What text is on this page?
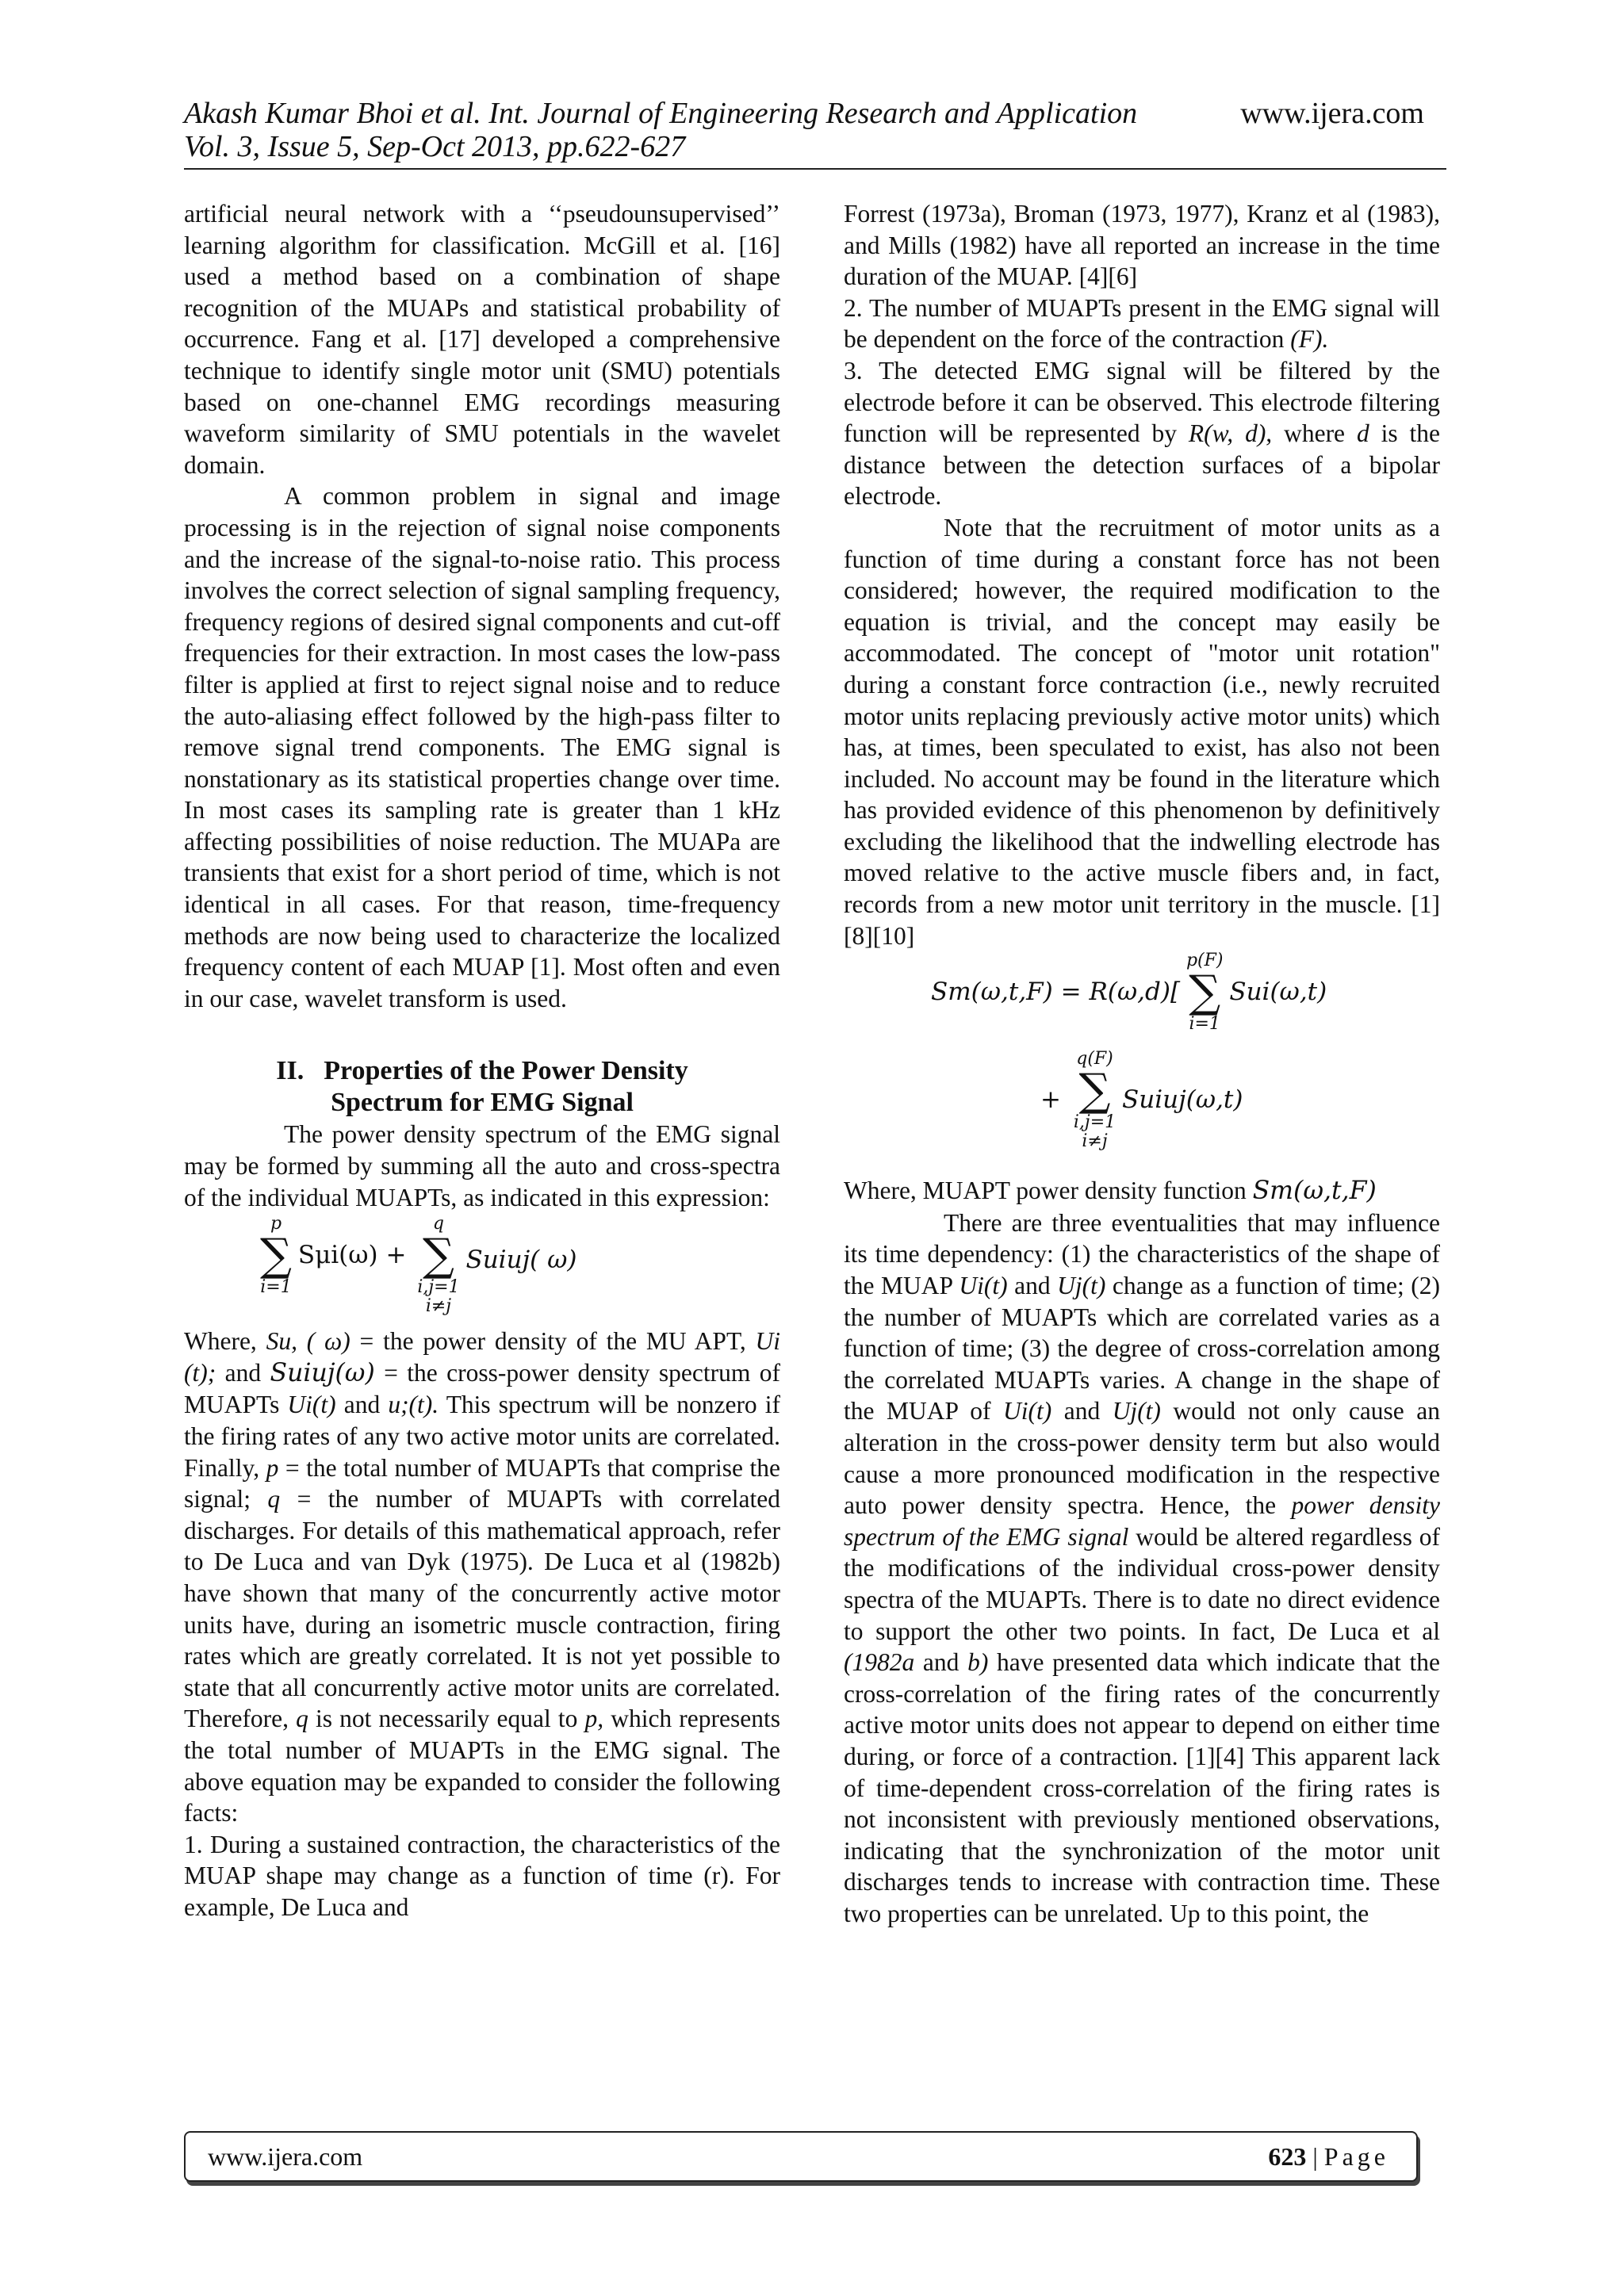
Akash Kumar Bhoi et al. Int. Journal of Engineering Research and Application
Vol. 3, Issue 5, Sep-Oct 2013, pp.622-627
www.ijera.com

artificial neural network with a ‘‘pseudounsupervised’’ learning algorithm for classification. McGill et al. [16] used a method based on a combination of shape recognition of the MUAPs and statistical probability of occurrence. Fang et al. [17] developed a comprehensive technique to identify single motor unit (SMU) potentials based on one-channel EMG recordings measuring waveform similarity of SMU potentials in the wavelet domain.

A common problem in signal and image processing is in the rejection of signal noise components and the increase of the signal-to-noise ratio. This process involves the correct selection of signal sampling frequency, frequency regions of desired signal components and cut-off frequencies for their extraction. In most cases the low-pass filter is applied at first to reject signal noise and to reduce the auto-aliasing effect followed by the high-pass filter to remove signal trend components. The EMG signal is nonstationary as its statistical properties change over time. In most cases its sampling rate is greater than 1 kHz affecting possibilities of noise reduction. The MUAPa are transients that exist for a short period of time, which is not identical in all cases. For that reason, time-frequency methods are now being used to characterize the localized frequency content of each MUAP [1]. Most often and even in our case, wavelet transform is used.

II. Properties of the Power Density
Spectrum for EMG Signal

The power density spectrum of the EMG signal may be formed by summing all the auto and cross-spectra of the individual MUAPTs, as indicated in this expression:

p
∑
i=1
Sμi(ω) +
q
∑
i,j=1
i≠j
Suiuj( ω)

Where, Su, ( ω) = the power density of the MU APT, Ui (t); and Suiuj(ω) = the cross-power density spectrum of MUAPTs Ui(t) and u;(t). This spectrum will be nonzero if the firing rates of any two active motor units are correlated. Finally, p = the total number of MUAPTs that comprise the signal; q = the number of MUAPTs with correlated discharges. For details of this mathematical approach, refer to De Luca and van Dyk (1975). De Luca et al (1982b) have shown that many of the concurrently active motor units have, during an isometric muscle contraction, firing rates which are greatly correlated. It is not yet possible to state that all concurrently active motor units are correlated. Therefore, q is not necessarily equal to p, which represents the total number of MUAPTs in the EMG signal. The above equation may be expanded to consider the following facts:

1. During a sustained contraction, the characteristics of the MUAP shape may change as a function of time (r). For example, De Luca and

Forrest (1973a), Broman (1973, 1977), Kranz et al (1983), and Mills (1982) have all reported an increase in the time duration of the MUAP. [4][6]

2. The number of MUAPTs present in the EMG signal will be dependent on the force of the contraction (F).

3. The detected EMG signal will be filtered by the electrode before it can be observed. This electrode filtering function will be represented by R(w, d), where d is the distance between the detection surfaces of a bipolar electrode.

Note that the recruitment of motor units as a function of time during a constant force has not been considered; however, the required modification to the equation is trivial, and the concept may easily be accommodated. The concept of "motor unit rotation" during a constant force contraction (i.e., newly recruited motor units replacing previously active motor units) which has, at times, been speculated to exist, has also not been included. No account may be found in the literature which has provided evidence of this phenomenon by definitively excluding the likelihood that the indwelling electrode has moved relative to the active muscle fibers and, in fact, records from a new motor unit territory in the muscle. [1][8][10]

Sm(ω,t,F) = R(ω,d)[
p(F)
∑
i=1
Sui(ω,t)
+
q(F)
∑
i,j=1
i≠j
Suiuj(ω,t)

Where, MUAPT power density function Sm(ω,t,F)

There are three eventualities that may influence its time dependency: (1) the characteristics of the shape of the MUAP Ui(t) and Uj(t) change as a function of time; (2) the number of MUAPTs which are correlated varies as a function of time; (3) the degree of cross-correlation among the correlated MUAPTs varies. A change in the shape of the MUAP of Ui(t) and Uj(t) would not only cause an alteration in the cross-power density term but also would cause a more pronounced modification in the respective auto power density spectra. Hence, the power density spectrum of the EMG signal would be altered regardless of the modifications of the individual cross-power density spectra of the MUAPTs. There is to date no direct evidence to support the other two points. In fact, De Luca et al (1982a and b) have presented data which indicate that the cross-correlation of the firing rates of the concurrently active motor units does not appear to depend on either time during, or force of a contraction. [1][4] This apparent lack of time-dependent cross-correlation of the firing rates is not inconsistent with previously mentioned observations, indicating that the synchronization of the motor unit discharges tends to increase with contraction time. These two properties can be unrelated. Up to this point, the

www.ijera.com	623 | Page
